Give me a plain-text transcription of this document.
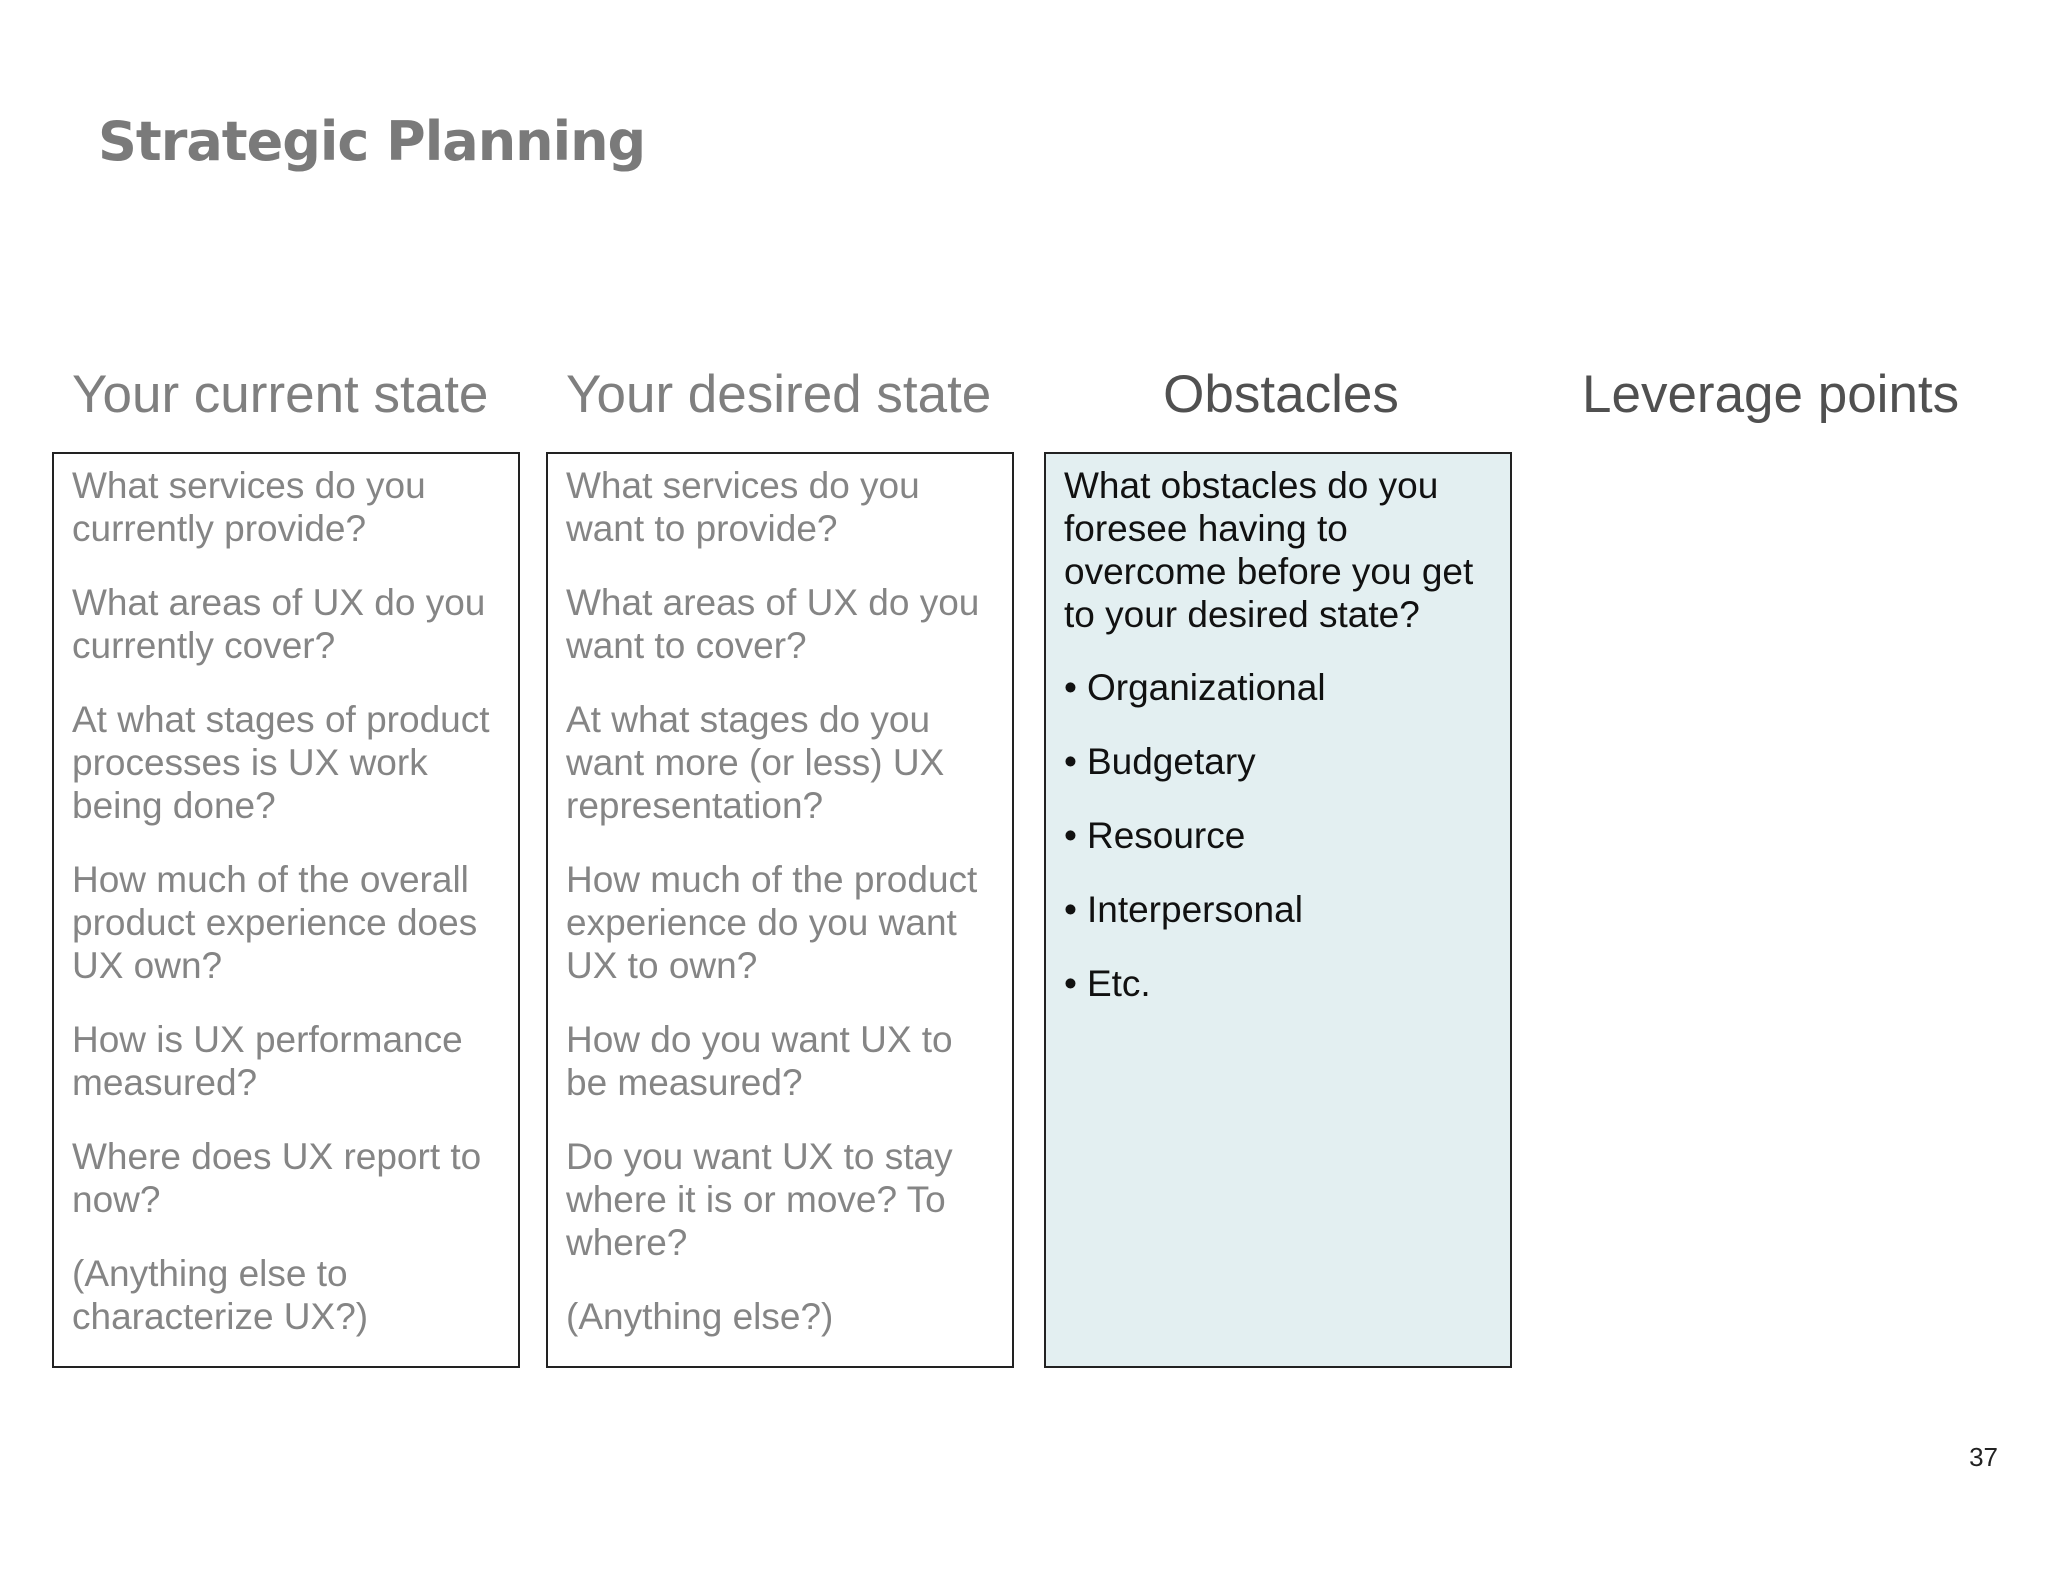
Strategic Planning
Your current state Your desired state	Obstacles	Leverage points

What services do you currently provide?

What areas of UX do you currently cover?

At what stages of product processes is UX work being done?

How much of the overall product experience does UX own?

How is UX performance measured?

Where does UX report to now?

(Anything else to characterize UX?)

What services do you want to provide?

What areas of UX do you want to cover?

At what stages do you want more (or less) UX representation?

How much of the product experience do you want UX to own?

How do you want UX to be measured?

Do you want UX to stay where it is or move? To where?

(Anything else?)

What obstacles do you foresee having to overcome before you get to your desired state?

• Organizational
• Budgetary
• Resource
• Interpersonal
• Etc.
37
